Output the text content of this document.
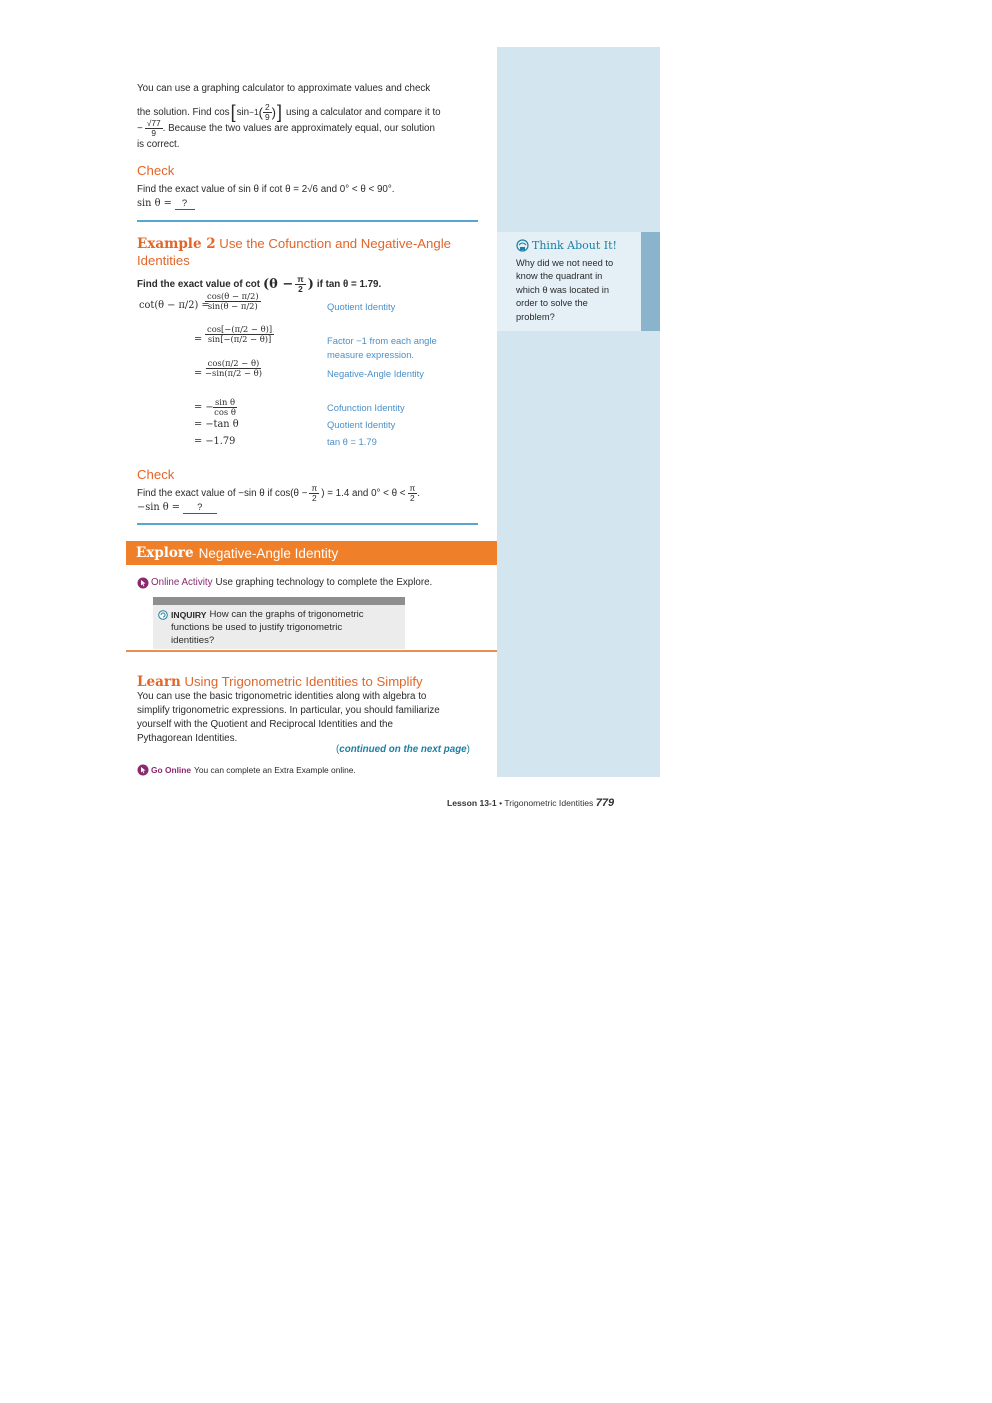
Think About It!
Why did we not need to
know the quadrant in
which θ was located in
order to solve the
problem?
You can use a graphing calculator to approximate values and check
the solution. Find cos [ sin −1 ( $\frac{2}{9}$ ) ] using a calculator and compare it to
− $\frac{√77}{9}$ . Because the two values are approximately equal, our solution
is correct.
Check
Find the exact value of sin θ if cot θ = 2√6 and 0° < θ < 90°.
sin θ = ?
Example 2 Use the Cofunction and Negative-Angle
Identities
Find the exact value of $\cot (\theta - \frac{\pi}{2}$ ) if tan θ = 1.79.
cot(θ − π/2) =
$\frac{\cos(\theta - \pi/2)}{\sin(\theta - \pi/2)}$	Quotient Identity
= $\frac{\cos[-(\pi/2 - \theta)]}{\sin[-(\pi/2 - \theta)]}$	Factor −1 from each angle
measure expression.
= $\frac{\cos(\pi/2 - \theta)}{-\sin(\pi/2 - \theta)}$	Negative-Angle Identity
= − $\frac{\text{sin θ}}{\text{cos θ}}$	Cofunction Identity
= −tan θ	Quotient Identity
= −1.79	tan θ = 1.79
Check
Find the exact value of −sin θ if $\cos(\theta - \frac{\pi}{2}$ ) = 1.4 and $0^\circ < \theta < \frac{\pi}{2}$ .
−sin θ = ?
Explore Negative-Angle Identity
Online Activity Use graphing technology to complete the Explore.
INQUIRY How can the graphs of trigonometric
functions be used to justify trigonometric
identities?
Learn Using Trigonometric Identities to Simplify
You can use the basic trigonometric identities along with algebra to
simplify trigonometric expressions. In particular, you should familiarize
yourself with the Quotient and Reciprocal Identities and the
Pythagorean Identities.
(continued on the next page)
Go Online You can complete an Extra Example online.
Lesson 13-1 • Trigonometric Identities 779
